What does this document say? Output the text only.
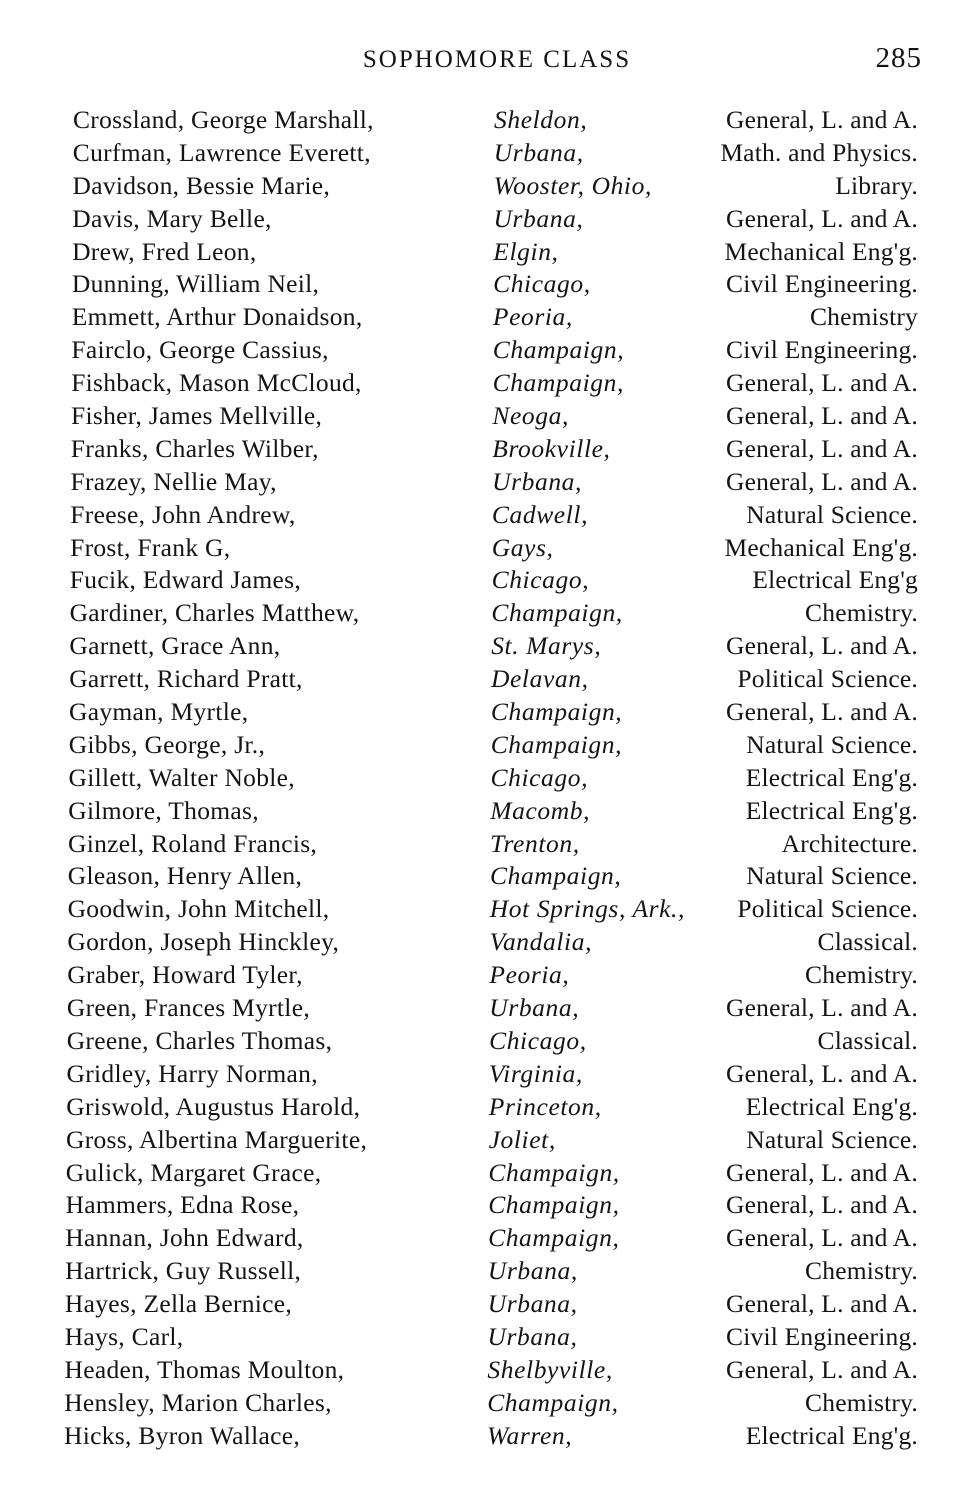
SOPHOMORE CLASS	285
Crossland, George Marshall,	Sheldon,	General, L. and A.
Curfman, Lawrence Everett,	Urbana,	Math. and Physics.
Davidson, Bessie Marie,	Wooster, Ohio,	Library.
Davis, Mary Belle,	Urbana,	General, L. and A.
Drew, Fred Leon,	Elgin,	Mechanical Eng'g.
Dunning, William Neil,	Chicago,	Civil Engineering.
Emmett, Arthur Donaidson,	Peoria,	Chemistry
Fairclo, George Cassius,	Champaign,	Civil Engineering.
Fishback, Mason McCloud,	Champaign,	General, L. and A.
Fisher, James Mellville,	Neoga,	General, L. and A.
Franks, Charles Wilber,	Brookville,	General, L. and A.
Frazey, Nellie May,	Urbana,	General, L. and A.
Freese, John Andrew,	Cadwell,	Natural Science.
Frost, Frank G,	Gays,	Mechanical Eng'g.
Fucik, Edward James,	Chicago,	Electrical Eng'g
Gardiner, Charles Matthew,	Champaign,	Chemistry.
Garnett, Grace Ann,	St. Marys,	General, L. and A.
Garrett, Richard Pratt,	Delavan,	Political Science.
Gayman, Myrtle,	Champaign,	General, L. and A.
Gibbs, George, Jr.,	Champaign,	Natural Science.
Gillett, Walter Noble,	Chicago,	Electrical Eng'g.
Gilmore, Thomas,	Macomb,	Electrical Eng'g.
Ginzel, Roland Francis,	Trenton,	Architecture.
Gleason, Henry Allen,	Champaign,	Natural Science.
Goodwin, John Mitchell,	Hot Springs, Ark., Political Science.
Gordon, Joseph Hinckley,	Vandalia,	Classical.
Graber, Howard Tyler,	Peoria,	Chemistry.
Green, Frances Myrtle,	Urbana,	General, L. and A.
Greene, Charles Thomas,	Chicago,	Classical.
Gridley, Harry Norman,	Virginia,	General, L. and A.
Griswold, Augustus Harold,	Princeton,	Electrical Eng'g.
Gross, Albertina Marguerite,	Joliet,	Natural Science.
Gulick, Margaret Grace,	Champaign,	General, L. and A.
Hammers, Edna Rose,	Champaign,	General, L. and A.
Hannan, John Edward,	Champaign,	General, L. and A.
Hartrick, Guy Russell,	Urbana,	Chemistry.
Hayes, Zella Bernice,	Urbana,	General, L. and A.
Hays, Carl,	Urbana,	Civil Engineering.
Headen, Thomas Moulton,	Shelbyville,	General, L. and A.
Hensley, Marion Charles,	Champaign,	Chemistry.
Hicks, Byron Wallace,	Warren,	Electrical Eng'g.
